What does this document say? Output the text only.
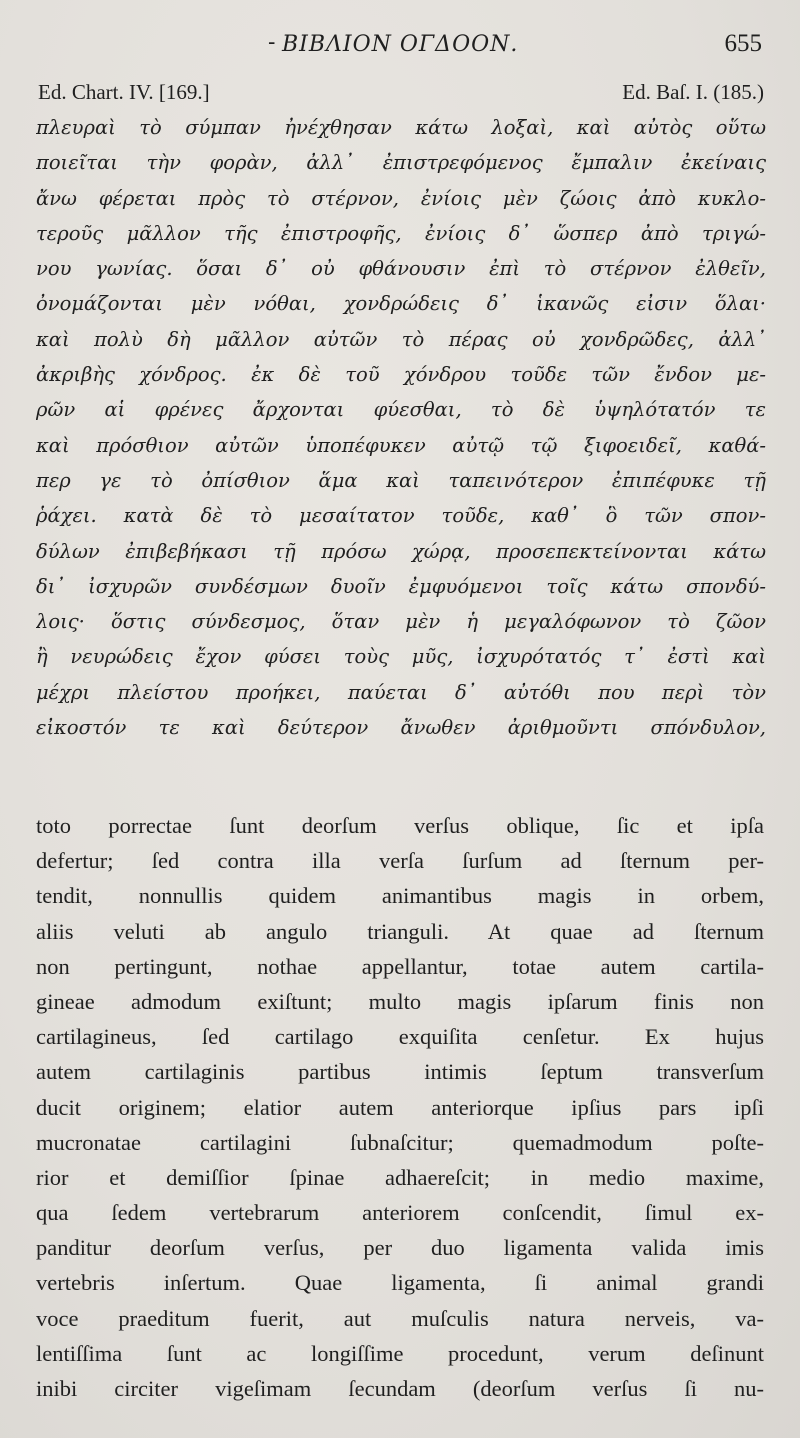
- ΒΙΒΛΙΟΝ ΟΓΔΟΟΝ.	655
Ed. Chart. IV. [169.]	Ed. Baſ. I. (185.)
πλευραὶ τὸ σύμπαν ἠνέχθησαν κάτω λοξαὶ, καὶ αὐτὸς οὕτω
ποιεῖται τὴν φορὰν, ἀλλ᾽ ἐπιστρεφόμενος ἔμπαλιν ἐκείναις
ἄνω φέρεται πρὸς τὸ στέρνον, ἐνίοις μὲν ζώοις ἀπὸ κυκλο-
τεροῦς μᾶλλον τῆς ἐπιστροφῆς, ἐνίοις δ᾽ ὥσπερ ἀπὸ τριγώ-
νου γωνίας. ὅσαι δ᾽ οὐ φθάνουσιν ἐπὶ τὸ στέρνον ἐλθεῖν,
ὀνομάζονται μὲν νόθαι, χονδρώδεις δ᾽ ἱκανῶς εἰσιν ὅλαι·
καὶ πολὺ δὴ μᾶλλον αὐτῶν τὸ πέρας οὐ χονδρῶδες, ἀλλ᾽
ἀκριβὴς χόνδρος. ἐκ δὲ τοῦ χόνδρου τοῦδε τῶν ἔνδον με-
ρῶν αἱ φρένες ἄρχονται φύεσθαι, τὸ δὲ ὑψηλότατόν τε
καὶ πρόσθιον αὐτῶν ὑποπέφυκεν αὐτῷ τῷ ξιφοειδεῖ, καθά-
περ γε τὸ ὀπίσθιον ἅμα καὶ ταπεινότερον ἐπιπέφυκε τῇ
ῥάχει. κατὰ δὲ τὸ μεσαίτατον τοῦδε, καθ᾽ ὃ τῶν σπον-
δύλων ἐπιβεβήκασι τῇ πρόσω χώρᾳ, προσεπεκτείνονται κάτω
δι᾽ ἰσχυρῶν συνδέσμων δυοῖν ἐμφυόμενοι τοῖς κάτω σπονδύ-
λοις· ὅστις σύνδεσμος, ὅταν μὲν ἡ μεγαλόφωνον τὸ ζῶον
ἢ νευρώδεις ἔχον φύσει τοὺς μῦς, ἰσχυρότατός τ᾽ ἐστὶ καὶ
μέχρι πλείστου προήκει, παύεται δ᾽ αὐτόθι που περὶ τὸν
εἰκοστόν τε καὶ δεύτερον ἄνωθεν ἀριθμοῦντι σπόνδυλον,
toto porrectae ſunt deorſum verſus oblique, ſic et ipſa
defertur; ſed contra illa verſa ſurſum ad ſternum per-
tendit, nonnullis quidem animantibus magis in orbem,
aliis veluti ab angulo trianguli. At quae ad ſternum
non pertingunt, nothae appellantur, totae autem cartila-
gineae admodum exiſtunt; multo magis ipſarum finis non
cartilagineus, ſed cartilago exquiſita cenſetur. Ex hujus
autem cartilaginis partibus intimis ſeptum transverſum
ducit originem; elatior autem anteriorque ipſius pars ipſi
mucronatae cartilagini ſubnaſcitur; quemadmodum poſte-
rior et demiſſior ſpinae adhaereſcit; in medio maxime,
qua ſedem vertebrarum anteriorem conſcendit, ſimul ex-
panditur deorſum verſus, per duo ligamenta valida imis
vertebris inſertum. Quae ligamenta, ſi animal grandi
voce praeditum fuerit, aut muſculis natura nerveis, va-
lentiſſima ſunt ac longiſſime procedunt, verum deſinunt
inibi circiter vigeſimam ſecundam (deorſum verſus ſi nu-
